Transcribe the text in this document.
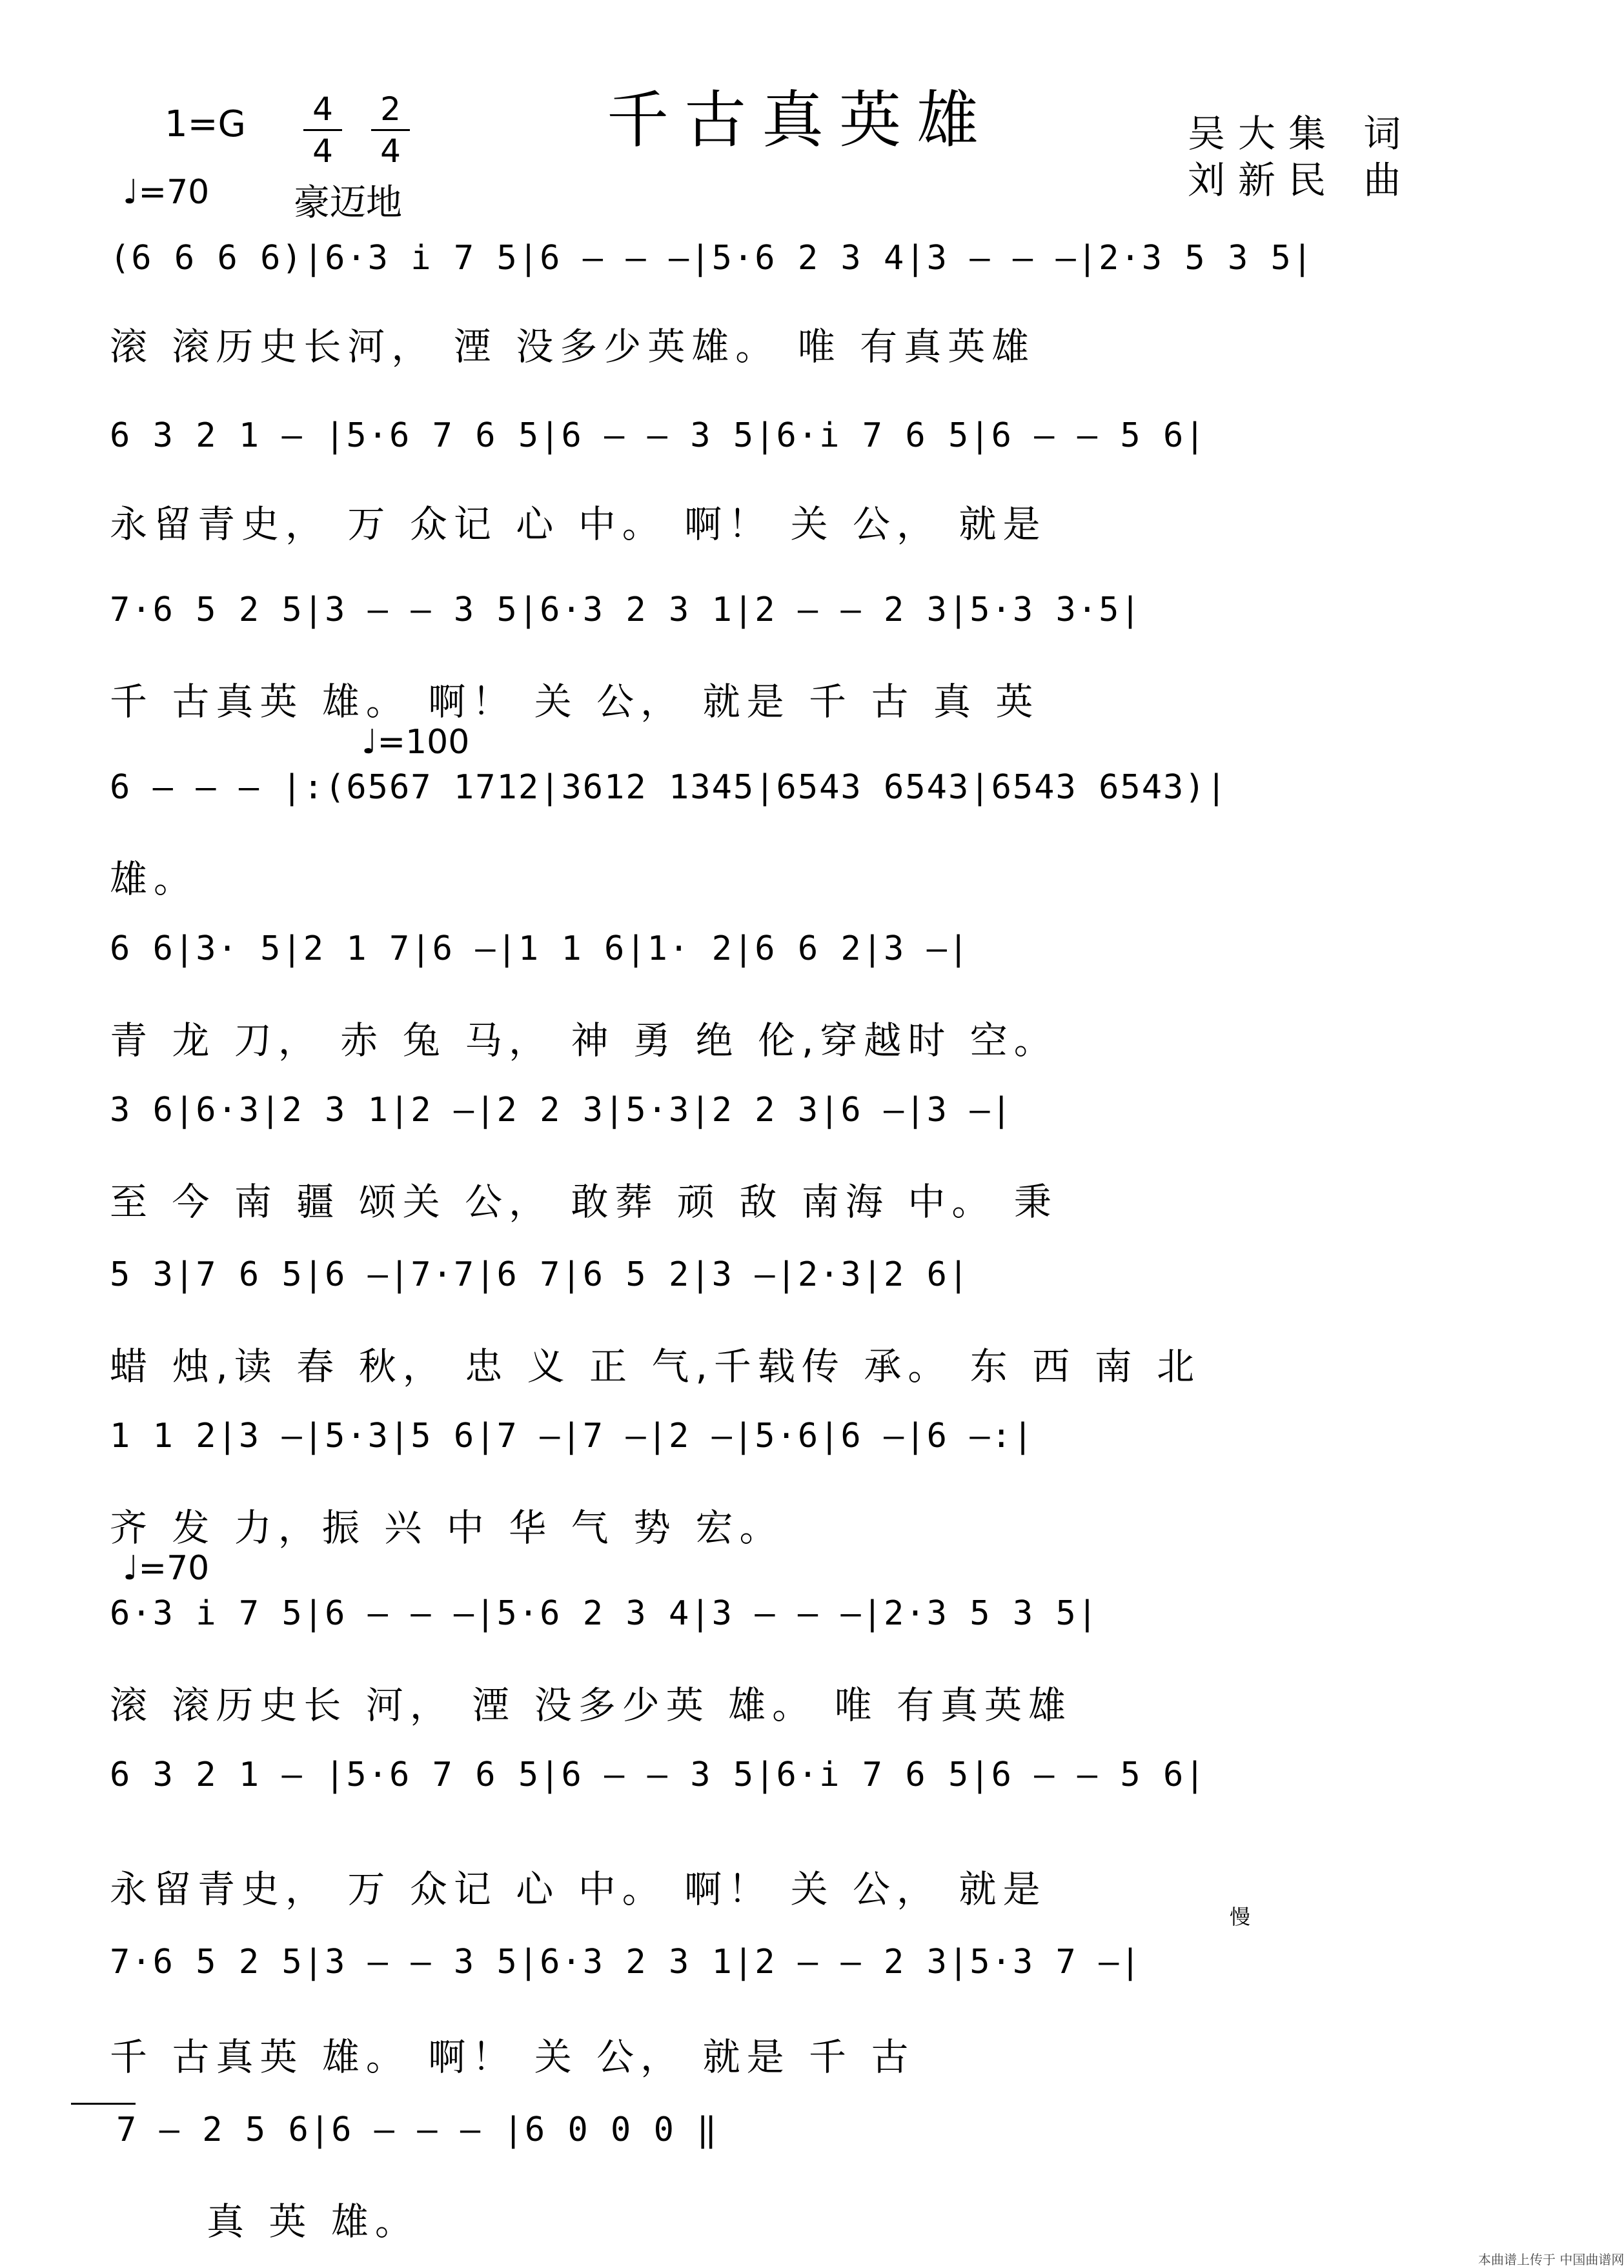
千古真英雄
1=G 4
4
2
4
♩=70 豪迈地
吴大集 词
刘新民 曲
(6 6 6 6)|6·3 i 7 5|6 — — —|5·6 2 3 4|3 — — —|2·3 5 3 5|
滚 滚历史长河， 湮 没多少英雄。 唯 有真英雄
6 3 2 1 — |5·6 7 6 5|6 — — 3 5|6·i 7 6 5|6 — — 5 6|
永留青史， 万 众记 心 中。 啊！ 关 公， 就是
7·6 5 2 5|3 — — 3 5|6·3 2 3 1|2 — — 2 3|5·3 3·5|
千 古真英 雄。 啊！ 关 公， 就是 千 古 真 英
♩=100
6 — — — |:(6567 1712|3612 1345|6543 6543|6543 6543)|
雄。
6 6|3· 5|2 1 7|6 —|1 1 6|1· 2|6 6 2|3 —|
青 龙 刀， 赤 兔 马， 神 勇 绝 伦,穿越时 空。
3 6|6·3|2 3 1|2 —|2 2 3|5·3|2 2 3|6 —|3 —|
至 今 南 疆 颂关 公， 敢葬 顽 敌 南海 中。 秉
5 3|7 6 5|6 —|7·7|6 7|6 5 2|3 —|2·3|2 6|
蜡 烛,读 春 秋， 忠 义 正 气,千载传 承。 东 西 南 北
1 1 2|3 —|5·3|5 6|7 —|7 —|2 —|5·6|6 —|6 —:|
齐 发 力，振 兴 中 华 气 势 宏。
♩=70
6·3 i 7 5|6 — — —|5·6 2 3 4|3 — — —|2·3 5 3 5|
滚 滚历史长 河， 湮 没多少英 雄。 唯 有真英雄
6 3 2 1 — |5·6 7 6 5|6 — — 3 5|6·i 7 6 5|6 — — 5 6|
永留青史， 万 众记 心 中。 啊！ 关 公， 就是
慢
7·6 5 2 5|3 — — 3 5|6·3 2 3 1|2 — — 2 3|5·3 7 —|
千 古真英 雄。 啊！ 关 公， 就是 千 古
7 — 2 5 6|6 — — — |6 0 0 0 ‖
真 英 雄。
本曲谱上传于 中国曲谱网
